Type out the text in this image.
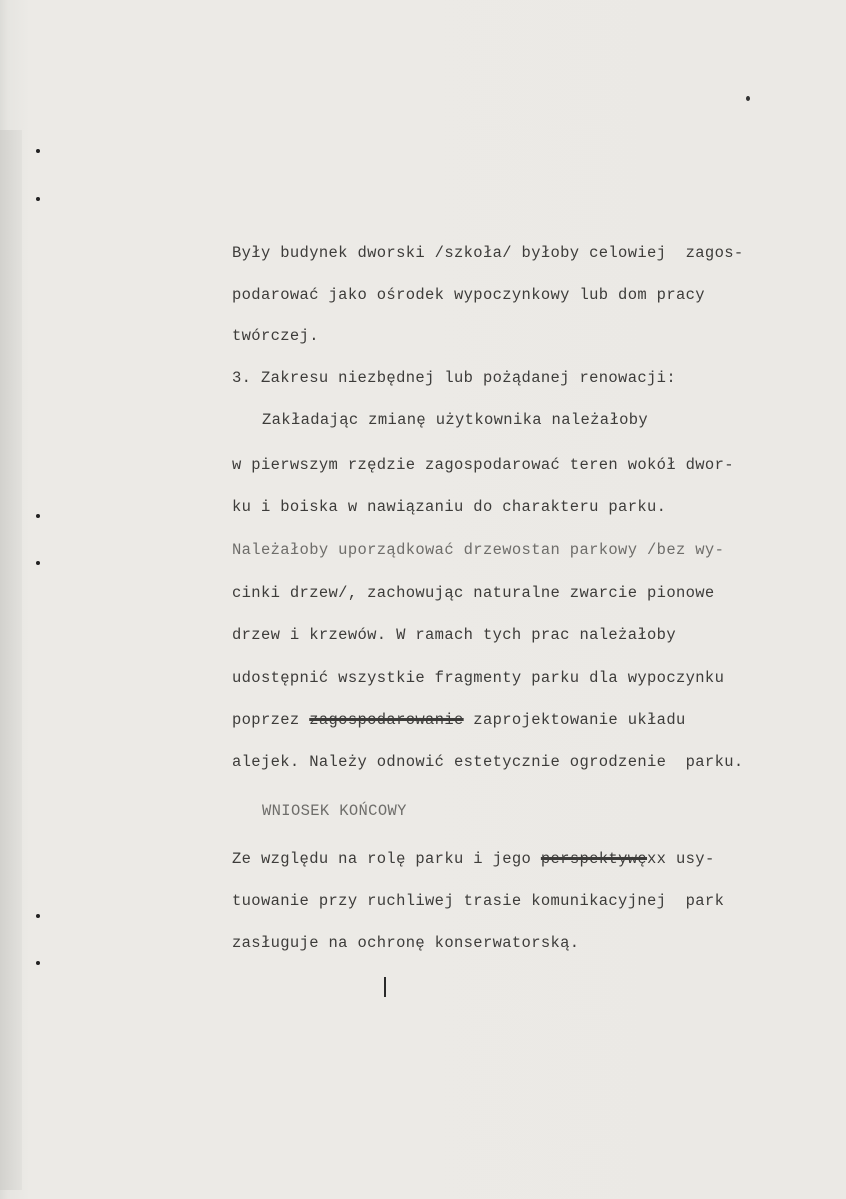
Były budynek dworski /szkoła/ byłoby celowiej  zagos-
podarować jako ośrodek wypoczynkowy lub dom pracy
twórczej.
3. Zakresu niezbędnej lub pożądanej renowacji:
Zakładając zmianę użytkownika należałoby
w pierwszym rzędzie zagospodarować teren wokół dwor-
ku i boiska w nawiązaniu do charakteru parku.
Należałoby uporządkować drzewostan parkowy /bez wy-
cinki drzew/, zachowując naturalne zwarcie pionowe
drzew i krzewów. W ramach tych prac należałoby
udostępnić wszystkie fragmenty parku dla wypoczynku
poprzez zagospodarowanie zaprojektowanie układu
alejek. Należy odnowić estetycznie ogrodzenie  parku.
WNIOSEK KOŃCOWY
Ze względu na rolę parku i jego perspektywęxx usy-
tuowanie przy ruchliwej trasie komunikacyjnej  park
zasługuje na ochronę konserwatorską.
